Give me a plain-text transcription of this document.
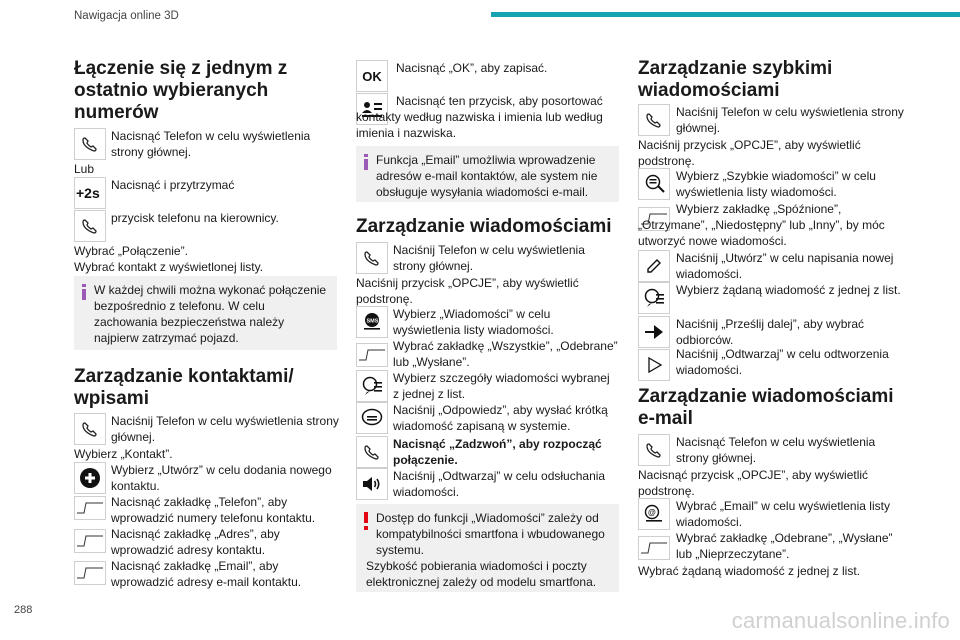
Nawigacja online 3D
288	carmanualsonline.info
Łączenie się z jednym z ostatnio wybieranych numerów

Nacisnąć Telefon w celu wyświetlenia strony głównej.

Lub

+2s Nacisnąć i przytrzymać

przycisk telefonu na kierownicy.

Wybrać „Połączenie”.

Wybrać kontakt z wyświetlonej listy.

W każdej chwili można wykonać połączenie bezpośrednio z telefonu. W celu zachowania bezpieczeństwa należy najpierw zatrzymać pojazd.
Zarządzanie kontaktami/ wpisami

Naciśnij Telefon w celu wyświetlenia strony głównej.

Wybierz „Kontakt”.

Wybierz „Utwórz” w celu dodania nowego kontaktu.

Nacisnąć zakładkę „Telefon”, aby wprowadzić numery telefonu kontaktu.

Nacisnąć zakładkę „Adres”, aby wprowadzić adresy kontaktu.

Nacisnąć zakładkę „Email”, aby wprowadzić adresy e-mail kontaktu.

OK

Nacisnąć „OK”, aby zapisać.

Nacisnąć ten przycisk, aby posortować kontakty według nazwiska i imienia lub według imienia i nazwiska.

Funkcja „Email” umożliwia wprowadzenie adresów e-mail kontaktów, ale system nie obsługuje wysyłania wiadomości e-mail.
Zarządzanie wiadomościami

Naciśnij Telefon w celu wyświetlenia strony głównej.

Naciśnij przycisk „OPCJE”, aby wyświetlić podstronę.

SMS

Wybierz „Wiadomości” w celu wyświetlenia listy wiadomości.

Wybrać zakładkę „Wszystkie”, „Odebrane” lub „Wysłane”.

Wybierz szczegóły wiadomości wybranej z jednej z list.

Naciśnij „Odpowiedz”, aby wysłać krótką wiadomość zapisaną w systemie.

Nacisnąć „Zadzwoń”, aby rozpocząć połączenie.

Naciśnij „Odtwarzaj” w celu odsłuchania wiadomości.

Dostęp do funkcji „Wiadomości” zależy od kompatybilności smartfona i wbudowanego systemu.
Szybkość pobierania wiadomości i poczty elektronicznej zależy od modelu smartfona.
Zarządzanie szybkimi wiadomościami

Naciśnij Telefon w celu wyświetlenia strony głównej.

Naciśnij przycisk „OPCJE”, aby wyświetlić podstronę.

Wybierz „Szybkie wiadomości” w celu wyświetlenia listy wiadomości.

Wybierz zakładkę „Spóźnione”, „Otrzymane”, „Niedostępny” lub „Inny”, by móc utworzyć nowe wiadomości.

Naciśnij „Utwórz” w celu napisania nowej wiadomości.

Wybierz żądaną wiadomość z jednej z list.

Naciśnij „Prześlij dalej”, aby wybrać odbiorców.

Naciśnij „Odtwarzaj” w celu odtworzenia wiadomości.

Zarządzanie wiadomościami e-mail

Nacisnąć Telefon w celu wyświetlenia strony głównej.

Nacisnąć przycisk „OPCJE”, aby wyświetlić podstronę.

@ Wybrać „Email” w celu wyświetlenia listy wiadomości.

Wybrać zakładkę „Odebrane”, „Wysłane” lub „Nieprzeczytane”.

Wybrać żądaną wiadomość z jednej z list.
